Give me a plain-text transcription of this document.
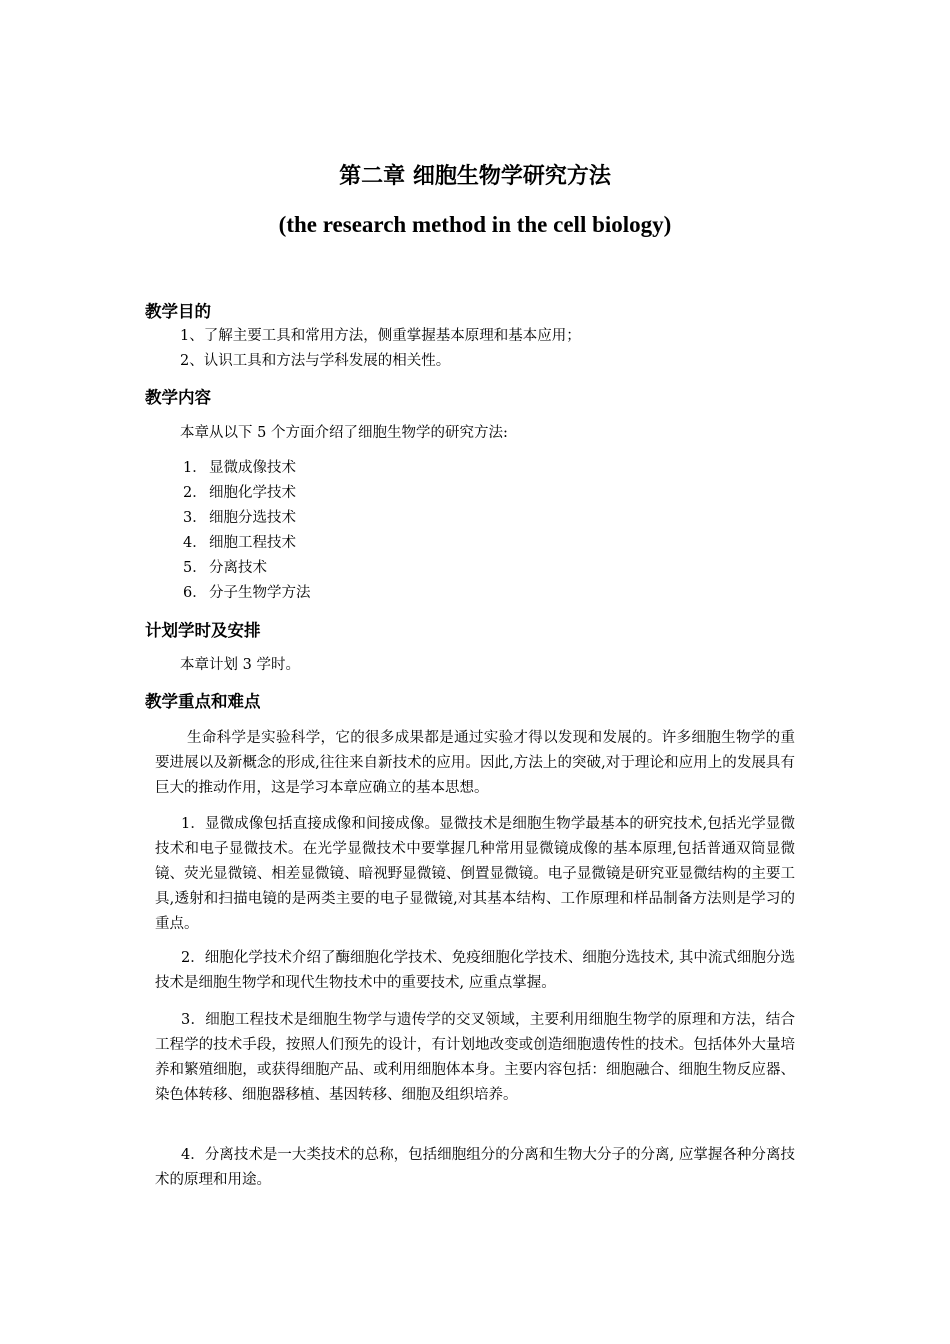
第二章 细胞生物学研究方法
(the research method in the cell biology)
教学目的
1、了解主要工具和常用方法，侧重掌握基本原理和基本应用；
2、认识工具和方法与学科发展的相关性。
教学内容
本章从以下 5 个方面介绍了细胞生物学的研究方法:
1． 显微成像技术
2． 细胞化学技术
3． 细胞分选技术
4． 细胞工程技术
5． 分离技术
6． 分子生物学方法
计划学时及安排
本章计划 3 学时。
教学重点和难点
生命科学是实验科学，它的很多成果都是通过实验才得以发现和发展的。许多细胞生物学的重要进展以及新概念的形成,往往来自新技术的应用。因此,方法上的突破,对于理论和应用上的发展具有巨大的推动作用，这是学习本章应确立的基本思想。
1．显微成像包括直接成像和间接成像。显微技术是细胞生物学最基本的研究技术,包括光学显微技术和电子显微技术。在光学显微技术中要掌握几种常用显微镜成像的基本原理,包括普通双筒显微镜、荧光显微镜、相差显微镜、暗视野显微镜、倒置显微镜。电子显微镜是研究亚显微结构的主要工具,透射和扫描电镜的是两类主要的电子显微镜,对其基本结构、工作原理和样品制备方法则是学习的重点。
2．细胞化学技术介绍了酶细胞化学技术、免疫细胞化学技术、细胞分选技术, 其中流式细胞分选技术是细胞生物学和现代生物技术中的重要技术, 应重点掌握。
3．细胞工程技术是细胞生物学与遗传学的交叉领域，主要利用细胞生物学的原理和方法，结合工程学的技术手段，按照人们预先的设计，有计划地改变或创造细胞遗传性的技术。包括体外大量培养和繁殖细胞，或获得细胞产品、或利用细胞体本身。主要内容包括：细胞融合、细胞生物反应器、染色体转移、细胞器移植、基因转移、细胞及组织培养。
4．分离技术是一大类技术的总称，包括细胞组分的分离和生物大分子的分离, 应掌握各种分离技术的原理和用途。
